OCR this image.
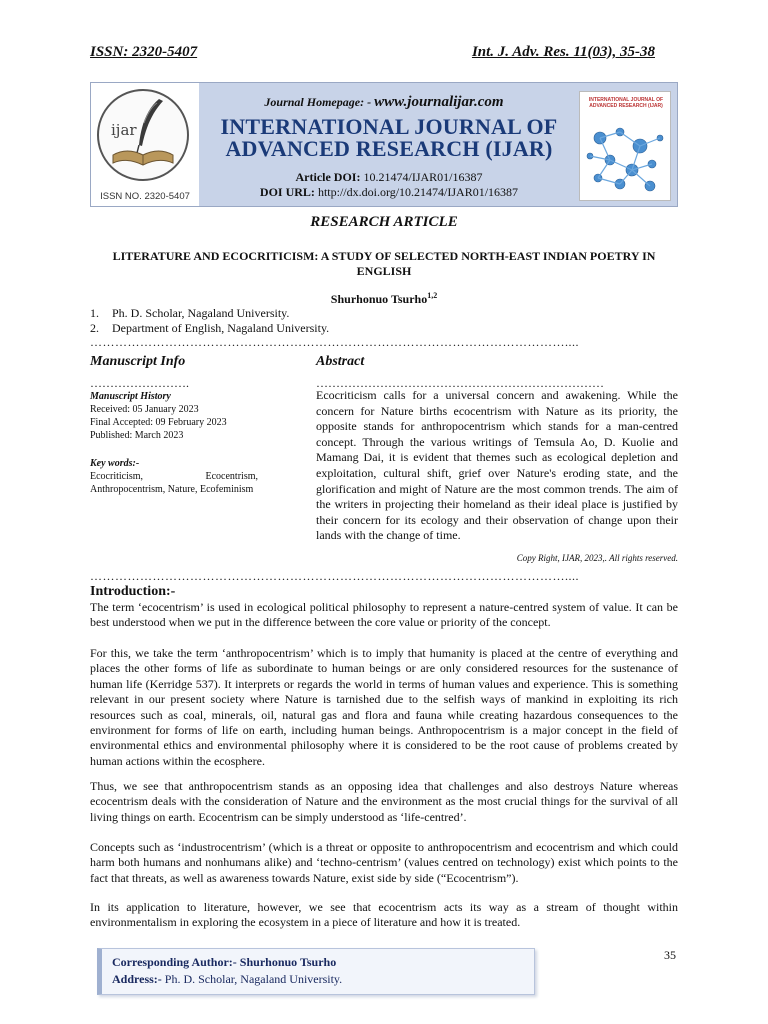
ISSN: 2320-5407	Int. J. Adv. Res. 11(03), 35-38
ijar
ISSN NO. 2320-5407
Journal Homepage: - www.journalijar.com
INTERNATIONAL JOURNAL OF
ADVANCED RESEARCH (IJAR)
Article DOI: 10.21474/IJAR01/16387
DOI URL: http://dx.doi.org/10.21474/IJAR01/16387
INTERNATIONAL JOURNAL OF ADVANCED RESEARCH (IJAR)
RESEARCH ARTICLE
LITERATURE AND ECOCRITICISM: A STUDY OF SELECTED NORTH-EAST INDIAN POETRY IN
ENGLISH
Shurhonuo Tsurho$^{1,2}$
1. Ph. D. Scholar, Nagaland University.
2. Department of English, Nagaland University.
……………………………………………………………………………………………………....
Manuscript Info	Abstract
…………………….	………………………………………………………………
Manuscript History
Received: 05 January 2023
Final Accepted: 09 February 2023
Published: March 2023
Key words:-
Ecocriticism, Ecocentrism, Anthropocentrism, Nature, Ecofeminism
Ecocriticism calls for a universal concern and awakening. While the concern for Nature births ecocentrism with Nature as its priority, the opposite stands for anthropocentrism which stands for a man-centred concept. Through the various writings of Temsula Ao, D. Kuolie and Mamang Dai, it is evident that themes such as ecological depletion and exploitation, cultural shift, grief over Nature's eroding state, and the glorification and might of Nature are the most common trends. The aim of the writers in projecting their homeland as their ideal place is justified by their concern for its ecology and their observation of change upon their lands with the change of time.
Copy Right, IJAR, 2023,. All rights reserved.
……………………………………………………………………………………………………....
Introduction:-
The term ‘ecocentrism’ is used in ecological political philosophy to represent a nature-centred system of value. It can be best understood when we put in the difference between the core value or priority of the concept.
For this, we take the term ‘anthropocentrism’ which is to imply that humanity is placed at the centre of everything and places the other forms of life as subordinate to human beings or are only considered resources for the sustenance of human life (Kerridge 537). It interprets or regards the world in terms of human values and experience. This is something relevant in our present society where Nature is tarnished due to the selfish ways of mankind in exploiting its rich resources such as coal, minerals, oil, natural gas and flora and fauna while creating hazardous consequences to the environment for forms of life on earth, including human beings. Anthropocentrism is a major concept in the field of environmental ethics and environmental philosophy where it is considered to be the root cause of problems created by human actions within the ecosphere.
Thus, we see that anthropocentrism stands as an opposing idea that challenges and also destroys Nature whereas ecocentrism deals with the consideration of Nature and the environment as the most crucial things for the survival of all living things on earth. Ecocentrism can be simply understood as ‘life-centred’.
Concepts such as ‘industrocentrism’ (which is a threat or opposite to anthropocentrism and ecocentrism and which could harm both humans and nonhumans alike) and ‘techno-centrism’ (values centred on technology) exist which points to the fact that threats, as well as awareness towards Nature, exist side by side (“Ecocentrism”).
In its application to literature, however, we see that ecocentrism acts its way as a stream of thought within environmentalism in exploring the ecosystem in a piece of literature and how it is treated.
Corresponding Author:- Shurhonuo Tsurho
Address:- Ph. D. Scholar, Nagaland University.
35
